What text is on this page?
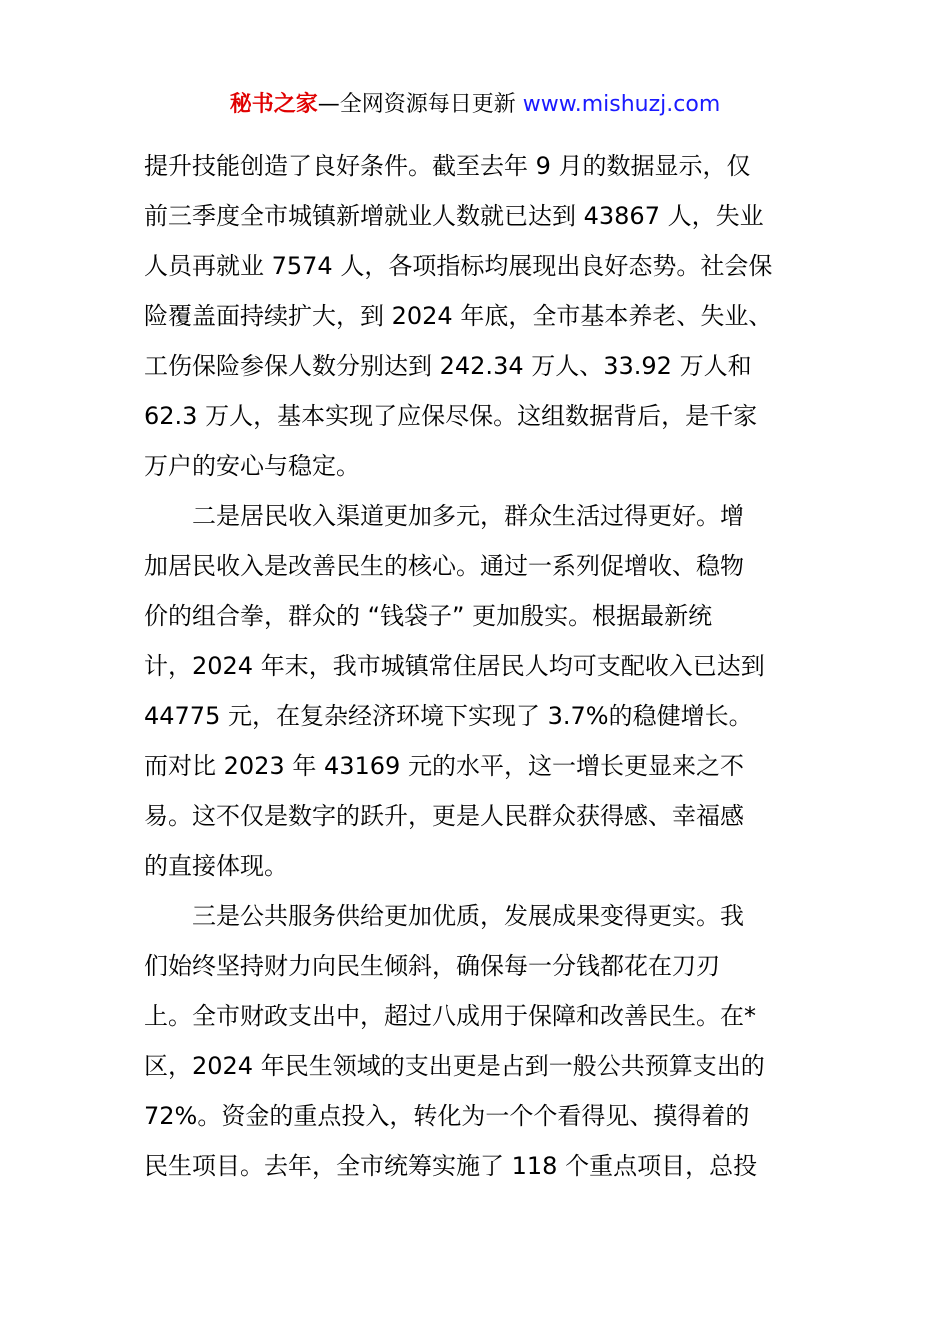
秘书之家—全网资源每日更新 www.mishuzj.com
提升技能创造了良好条件。截至去年 9 月的数据显示，仅
前三季度全市城镇新增就业人数就已达到 43867 人，失业
人员再就业 7574 人，各项指标均展现出良好态势。社会保
险覆盖面持续扩大，到 2024 年底，全市基本养老、失业、
工伤保险参保人数分别达到 242.34 万人、33.92 万人和
62.3 万人，基本实现了应保尽保。这组数据背后，是千家
万户的安心与稳定。
二是居民收入渠道更加多元，群众生活过得更好。增
加居民收入是改善民生的核心。通过一系列促增收、稳物
价的组合拳，群众的 “钱袋子” 更加殷实。根据最新统
计，2024 年末，我市城镇常住居民人均可支配收入已达到
44775 元，在复杂经济环境下实现了 3.7%的稳健增长。
而对比 2023 年 43169 元的水平，这一增长更显来之不
易。这不仅是数字的跃升，更是人民群众获得感、幸福感
的直接体现。
三是公共服务供给更加优质，发展成果变得更实。我
们始终坚持财力向民生倾斜，确保每一分钱都花在刀刃
上。全市财政支出中，超过八成用于保障和改善民生。在*
区，2024 年民生领域的支出更是占到一般公共预算支出的
72%。资金的重点投入，转化为一个个看得见、摸得着的
民生项目。去年，全市统筹实施了 118 个重点项目，总投
